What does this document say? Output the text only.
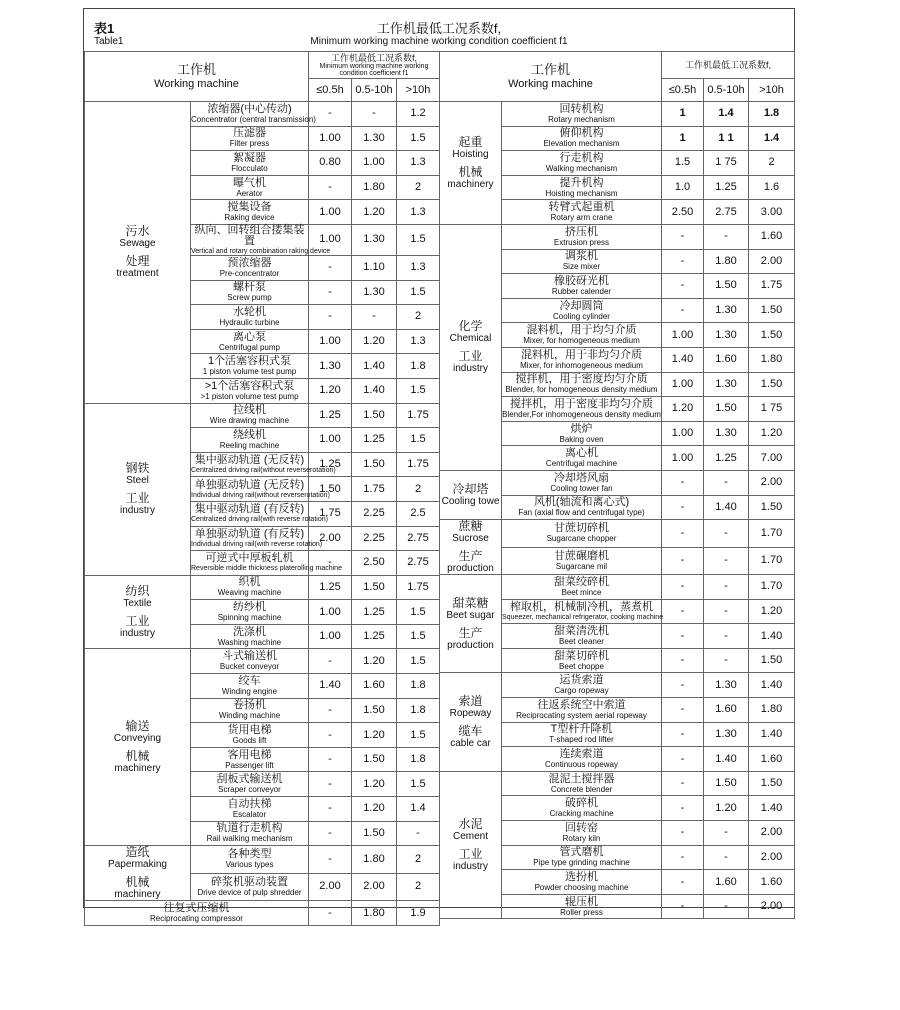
表1
Table1
工作机最低工况系数f,
Minimum working machine working condition coefficient f1
工作机
Working machine		工作机最低工况系数f,
Minimum working machine working condition coefficient f1		

		≤0.5h	0.5-10h	>10h

污水
Sewage
处理
treatment	浓缩器(中心传动)
Concentrator (central transmission)	-	-	1.2

	压滤器
Filter press	1.00	1.30	1.5

	絮凝器
Flocculato	0.80	1.00	1.3

	曝气机
Aerator	-	1.80	2

	搅集设备
Raking device	1.00	1.20	1.3

	纵向、回转组合搂集装置
Vertical and rotary combination raking device	1.00	1.30	1.5

	预浓缩器
Pre-concentrator	-	1.10	1.3

	螺杆泵
Screw pump	-	1.30	1.5

	水轮机
Hydraulic turbine	-	-	2

	离心泵
Centrifugal pump	1.00	1.20	1.3

	1个活塞容积式泵
1 piston volume test pump	1.30	1.40	1.8

	>1个活塞容积式泵
>1 piston volume test pump	1.20	1.40	1.5

钢铁
Steel
工业
industry	拉线机
Wire drawing machine	1.25	1.50	1.75

	绕线机
Reeling machine	1.00	1.25	1.5

	集中驱动轨道 (无反转)
Centralized driving rail(without reverserotation)	1.25	1.50	1.75

	单独驱动轨道 (无反转)
Individual driving rail(without reverserotation)	1.50	1.75	2

	集中驱动轨道 (有反转)
Centralized driving rail(with reverse rotation)	1.75	2.25	2.5

	单独驱动轨道 (有反转)
Individual driving rail(with reverse rotation)	2.00	2.25	2.75

	可逆式中厚板轧机
Reversible middle thickness platerolling machine	-	2.50	2.75

纺织
Textile
工业
industry	织机
Weaving machine	1.25	1.50	1.75

	纺纱机
Spinning machine	1.00	1.25	1.5

	洗涤机
Washing machine	1.00	1.25	1.5

输送
Conveying
机械
machinery	斗式输送机
Bucket conveyor	-	1.20	1.5

	绞车
Winding engine	1.40	1.60	1.8

	卷扬机
Winding machine	-	1.50	1.8

	货用电梯
Goods lift	-	1.20	1.5

	客用电梯
Passenger lift	-	1.50	1.8

	刮板式输送机
Scraper conveyor	-	1.20	1.5

	自动扶梯
Escalator	-	1.20	1.4

	轨道行走机构
Rail walking mechanism	-	1.50	-

造纸
Papermaking
机械
machinery	各种类型
Various types	-	1.80	2

	碎浆机驱动装置
Drive device of pulp shredder	2.00	2.00	2

往复式压缩机
Reciprocating compressor		-	1.80	1.9
工作机
Working machine		工作机最低工况系数f,		

		≤0.5h	0.5-10h	>10h

起重
Hoisting
机械
machinery	回转机构
Rotary mechanism	1	1.4	1.8

	俯仰机构
Elevation mechanism	1	1 1	1.4

	行走机构
Walking mechanism	1.5	1 75	2

	提升机构
Hoisting mechanism	1.0	1.25	1.6

	转臂式起重机
Rotary arm crane	2.50	2.75	3.00

化学
Chemical
工业
industry	挤压机
Extrusion press	-	-	1.60

	调浆机
Size mixer	-	1.80	2.00

	橡胶砑光机
Rubber calender	-	1.50	1.75

	冷却圆筒
Cooling cylinder	-	1.30	1.50

	混料机，用于均匀介质
Mixer, for homogeneous medium	1.00	1.30	1.50

	混料机，用于非均匀介质
Mixer, for inhomogeneous medium	1.40	1.60	1.80

	搅拌机，用于密度均匀介质
Blender, for homogeneous density medium	1.00	1.30	1.50

	搅拌机，用于密度非均匀介质
Blender,For inhomogeneous density medium	1.20	1.50	1 75

	烘炉
Baking oven	1.00	1.30	1.20

	离心机
Centrifugal machine	1.00	1.25	7.00

冷却塔
Cooling towe	冷却塔风扇
Cooling tower fan	-	-	2.00

	风机(轴流和离心式)
Fan (axial flow and centrifugal type)	-	1.40	1.50

蔗糖
Sucrose
生产
production	甘蔗切碎机
Sugarcane chopper	-	-	1.70

	甘蔗碾磨机
Sugarcane mil	-	-	1.70

甜菜糖
Beet sugar
生产
production	甜菜绞碎机
Beet mince	-	-	1.70

	榨取机，机械制冷机，蒸煮机
Squeezer, mechanical refrigerator, cooking machine	-	-	1.20

	甜菜清洗机
Beet cleaner	-	-	1.40

	甜菜切碎机
Beet choppe	-	-	1.50

索道
Ropeway
缆车
cable car	运货索道
Cargo ropeway	-	1.30	1.40

	往返系统空中索道
Reciprocating system aerial ropeway	-	1.60	1.80

	T型杆升降机
T-shaped rod lifter	-	1.30	1.40

	连续索道
Continuous ropeway	-	1.40	1.60

水泥
Cement
工业
industry	混泥土搅拌器
Concrete blender	-	1.50	1.50

	破碎机
Cracking machine	-	1.20	1.40

	回转窑
Rotary kiln	-	-	2.00

	管式磨机
Pipe type grinding machine	-	-	2.00

	选扮机
Powder choosing machine	-	1.60	1.60

	辊压机
Roller press	-	-	2.00
